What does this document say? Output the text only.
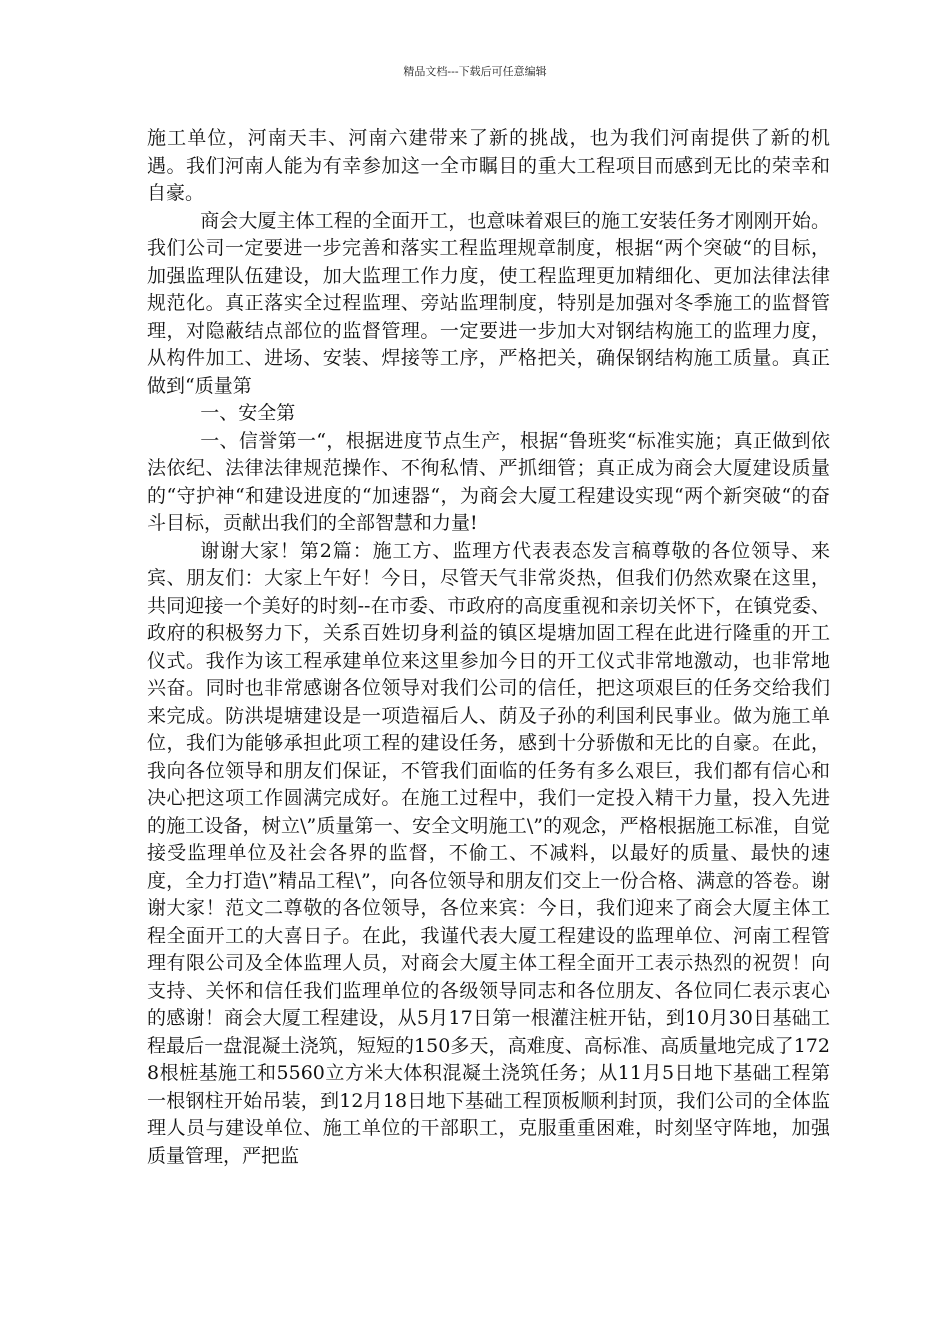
精品文档---下载后可任意编辑

施工单位，河南天丰、河南六建带来了新的挑战，也为我们河南提供了新的机遇。我们河南人能为有幸参加这一全市瞩目的重大工程项目而感到无比的荣幸和自豪。

商会大厦主体工程的全面开工，也意味着艰巨的施工安装任务才刚刚开始。我们公司一定要进一步完善和落实工程监理规章制度，根据“两个突破“的目标，加强监理队伍建设，加大监理工作力度，使工程监理更加精细化、更加法律法律规范化。真正落实全过程监理、旁站监理制度，特别是加强对冬季施工的监督管理，对隐蔽结点部位的监督管理。一定要进一步加大对钢结构施工的监理力度，从构件加工、进场、安装、焊接等工序，严格把关，确保钢结构施工质量。真正做到“质量第

一、安全第

一、信誉第一“，根据进度节点生产，根据“鲁班奖“标准实施；真正做到依法依纪、法律法律规范操作、不徇私情、严抓细管；真正成为商会大厦建设质量的“守护神“和建设进度的“加速器“，为商会大厦工程建设实现“两个新突破“的奋斗目标，贡献出我们的全部智慧和力量!

谢谢大家！第2篇：施工方、监理方代表表态发言稿尊敬的各位领导、来宾、朋友们：大家上午好！今日，尽管天气非常炎热，但我们仍然欢聚在这里，共同迎接一个美好的时刻--在市委、市政府的高度重视和亲切关怀下，在镇党委、政府的积极努力下，关系百姓切身利益的镇区堤塘加固工程在此进行隆重的开工仪式。我作为该工程承建单位来这里参加今日的开工仪式非常地激动，也非常地兴奋。同时也非常感谢各位领导对我们公司的信任，把这项艰巨的任务交给我们来完成。防洪堤塘建设是一项造福后人、荫及子孙的利国利民事业。做为施工单位，我们为能够承担此项工程的建设任务，感到十分骄傲和无比的自豪。在此，我向各位领导和朋友们保证，不管我们面临的任务有多么艰巨，我们都有信心和决心把这项工作圆满完成好。在施工过程中，我们一定投入精干力量，投入先进的施工设备，树立\”质量第一、安全文明施工\”的观念，严格根据施工标准，自觉接受监理单位及社会各界的监督，不偷工、不减料，以最好的质量、最快的速度，全力打造\”精品工程\”，向各位领导和朋友们交上一份合格、满意的答卷。谢谢大家！范文二尊敬的各位领导，各位来宾：今日，我们迎来了商会大厦主体工程全面开工的大喜日子。在此，我谨代表大厦工程建设的监理单位、河南工程管理有限公司及全体监理人员，对商会大厦主体工程全面开工表示热烈的祝贺！向支持、关怀和信任我们监理单位的各级领导同志和各位朋友、各位同仁表示衷心的感谢！商会大厦工程建设，从5月17日第一根灌注桩开钻，到10月30日基础工程最后一盘混凝土浇筑，短短的150多天，高难度、高标准、高质量地完成了1728根桩基施工和5560立方米大体积混凝土浇筑任务；从11月5日地下基础工程第一根钢柱开始吊装，到12月18日地下基础工程顶板顺利封顶，我们公司的全体监理人员与建设单位、施工单位的干部职工，克服重重困难，时刻坚守阵地，加强质量管理，严把监
